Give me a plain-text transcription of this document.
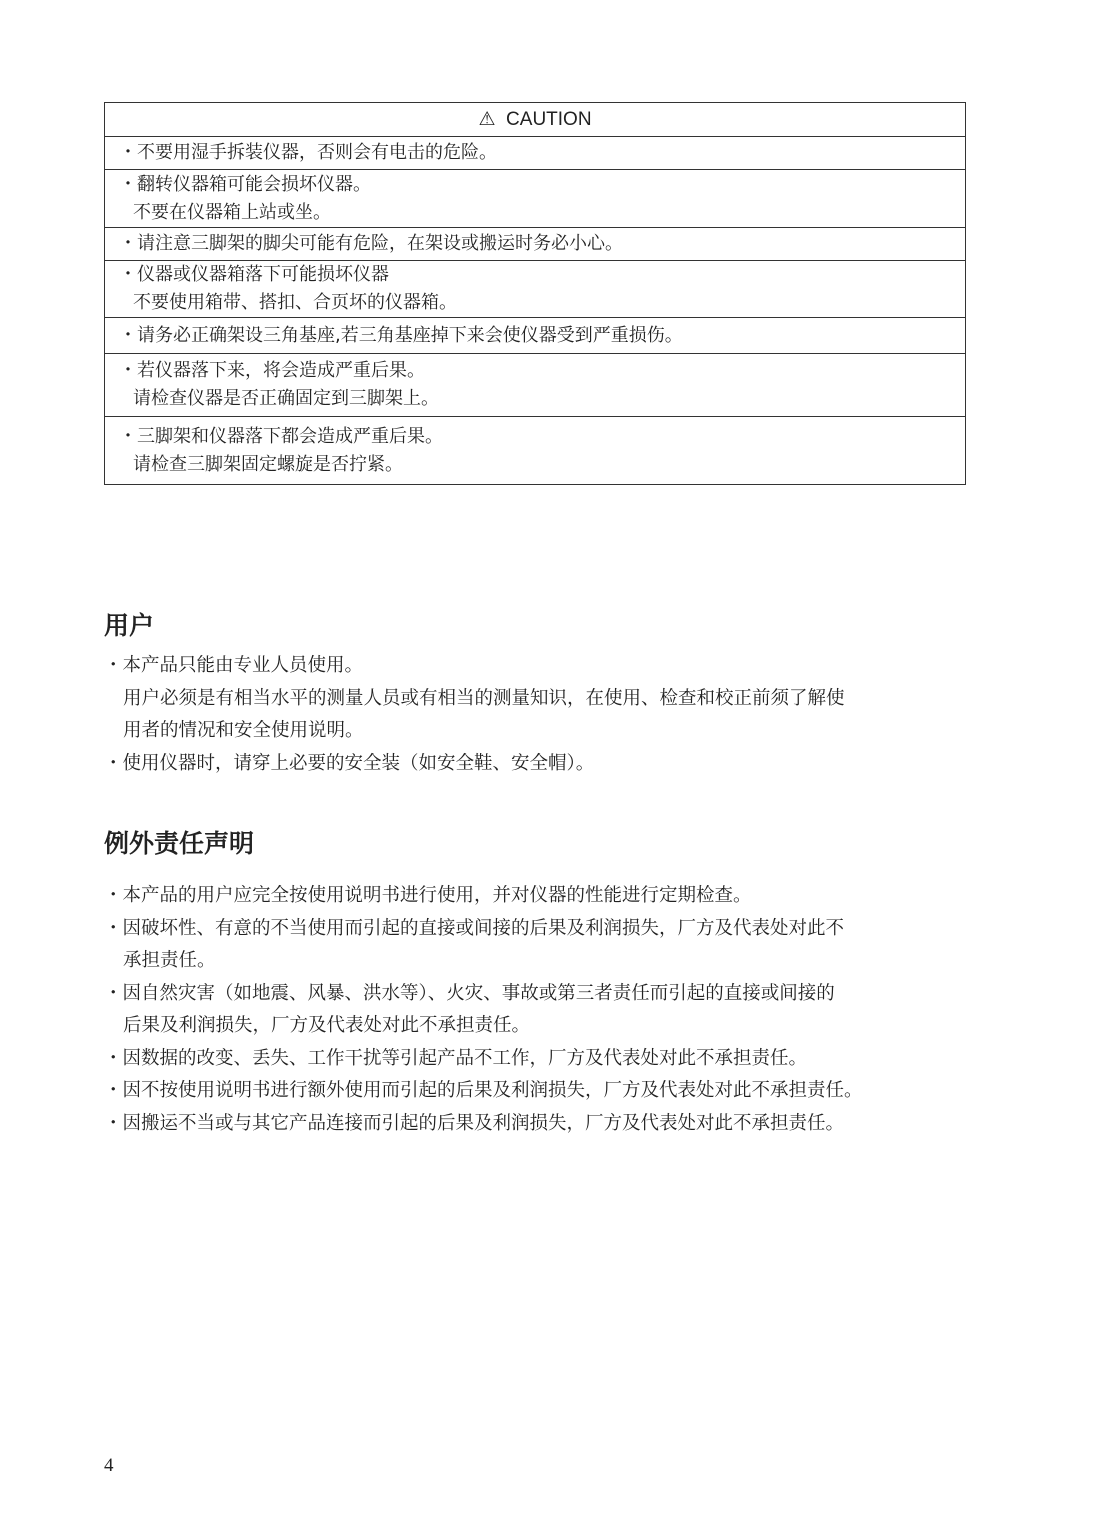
⚠ CAUTION

・不要用湿手拆装仪器，否则会有电击的危险。

・翻转仪器箱可能会损坏仪器。
不要在仪器箱上站或坐。

・请注意三脚架的脚尖可能有危险，在架设或搬运时务必小心。

・仪器或仪器箱落下可能损坏仪器
不要使用箱带、搭扣、合页坏的仪器箱。

・请务必正确架设三角基座,若三角基座掉下来会使仪器受到严重损伤。

・若仪器落下来，将会造成严重后果。
请检查仪器是否正确固定到三脚架上。

・三脚架和仪器落下都会造成严重后果。
请检查三脚架固定螺旋是否拧紧。
用户
・本产品只能由专业人员使用。
用户必须是有相当水平的测量人员或有相当的测量知识，在使用、检查和校正前须了解使
用者的情况和安全使用说明。
・使用仪器时，请穿上必要的安全装（如安全鞋、安全帽）。
例外责任声明
・本产品的用户应完全按使用说明书进行使用，并对仪器的性能进行定期检查。
・因破坏性、有意的不当使用而引起的直接或间接的后果及利润损失，厂方及代表处对此不
承担责任。
・因自然灾害（如地震、风暴、洪水等）、火灾、事故或第三者责任而引起的直接或间接的
后果及利润损失，厂方及代表处对此不承担责任。
・因数据的改变、丢失、工作干扰等引起产品不工作，厂方及代表处对此不承担责任。
・因不按使用说明书进行额外使用而引起的后果及利润损失，厂方及代表处对此不承担责任。
・因搬运不当或与其它产品连接而引起的后果及利润损失，厂方及代表处对此不承担责任。
4
